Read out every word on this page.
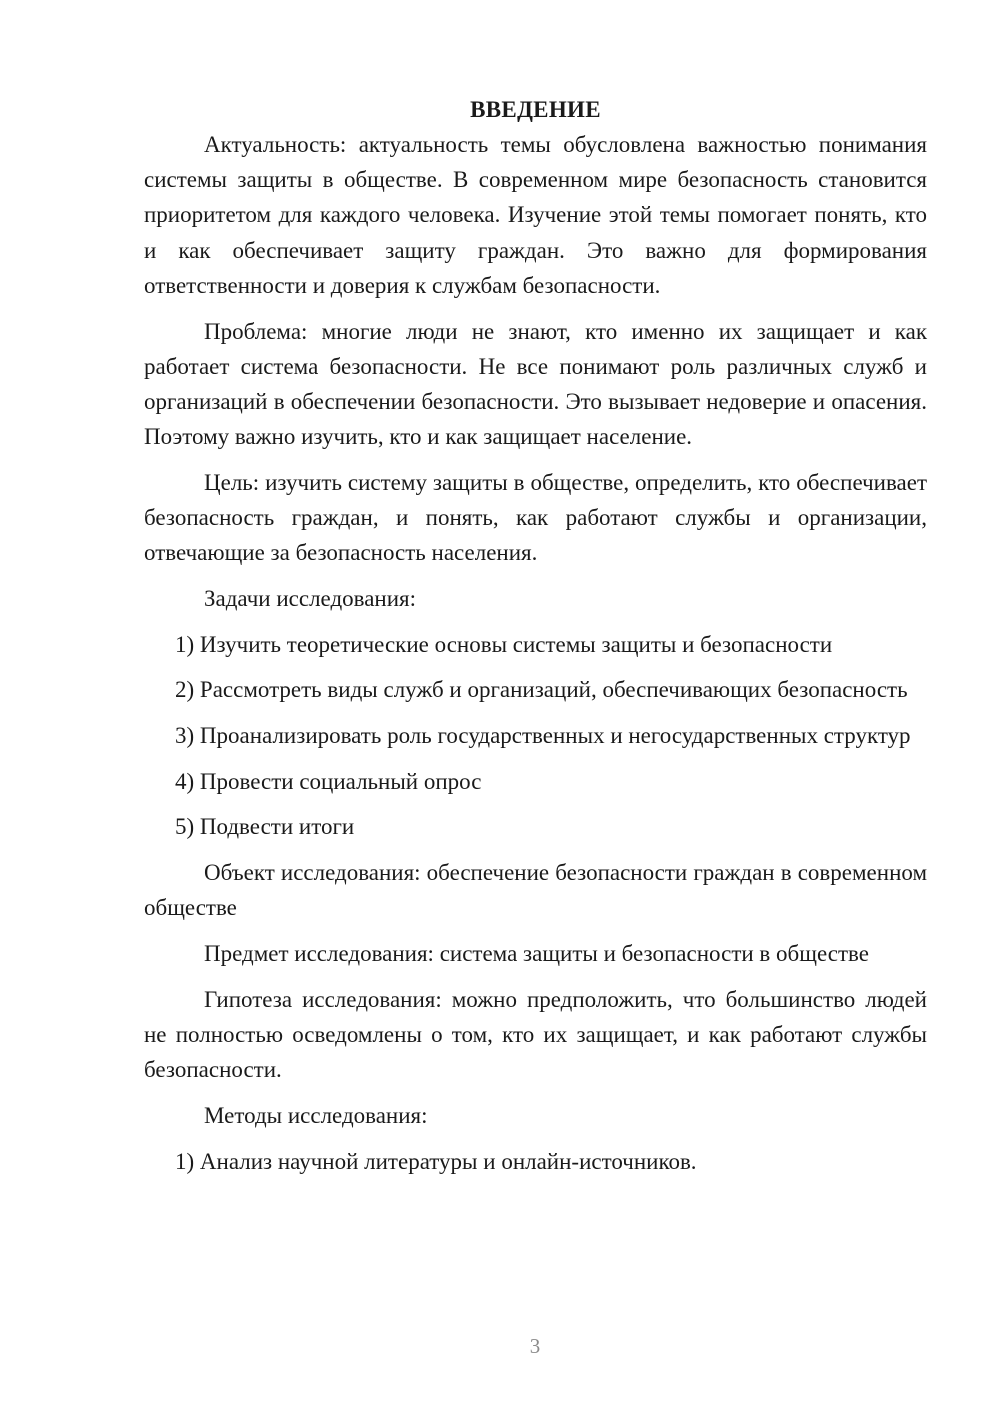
ВВЕДЕНИЕ

Актуальность: актуальность темы обусловлена важностью понимания системы защиты в обществе. В современном мире безопасность становится приоритетом для каждого человека. Изучение этой темы помогает понять, кто и как обеспечивает защиту граждан. Это важно для формирования ответственности и доверия к службам безопасности.

Проблема: многие люди не знают, кто именно их защищает и как работает система безопасности. Не все понимают роль различных служб и организаций в обеспечении безопасности. Это вызывает недоверие и опасения. Поэтому важно изучить, кто и как защищает население.

Цель: изучить систему защиты в обществе, определить, кто обеспечивает безопасность граждан, и понять, как работают службы и организации, отвечающие за безопасность населения.

Задачи исследования:

1) Изучить теоретические основы системы защиты и безопасности

2) Рассмотреть виды служб и организаций, обеспечивающих безопасность

3) Проанализировать роль государственных и негосударственных структур

4) Провести социальный опрос

5) Подвести итоги

Объект исследования: обеспечение безопасности граждан в современном обществе

Предмет исследования: система защиты и безопасности в обществе

Гипотеза исследования: можно предположить, что большинство людей не полностью осведомлены о том, кто их защищает, и как работают службы безопасности.

Методы исследования:

1) Анализ научной литературы и онлайн-источников.

3
